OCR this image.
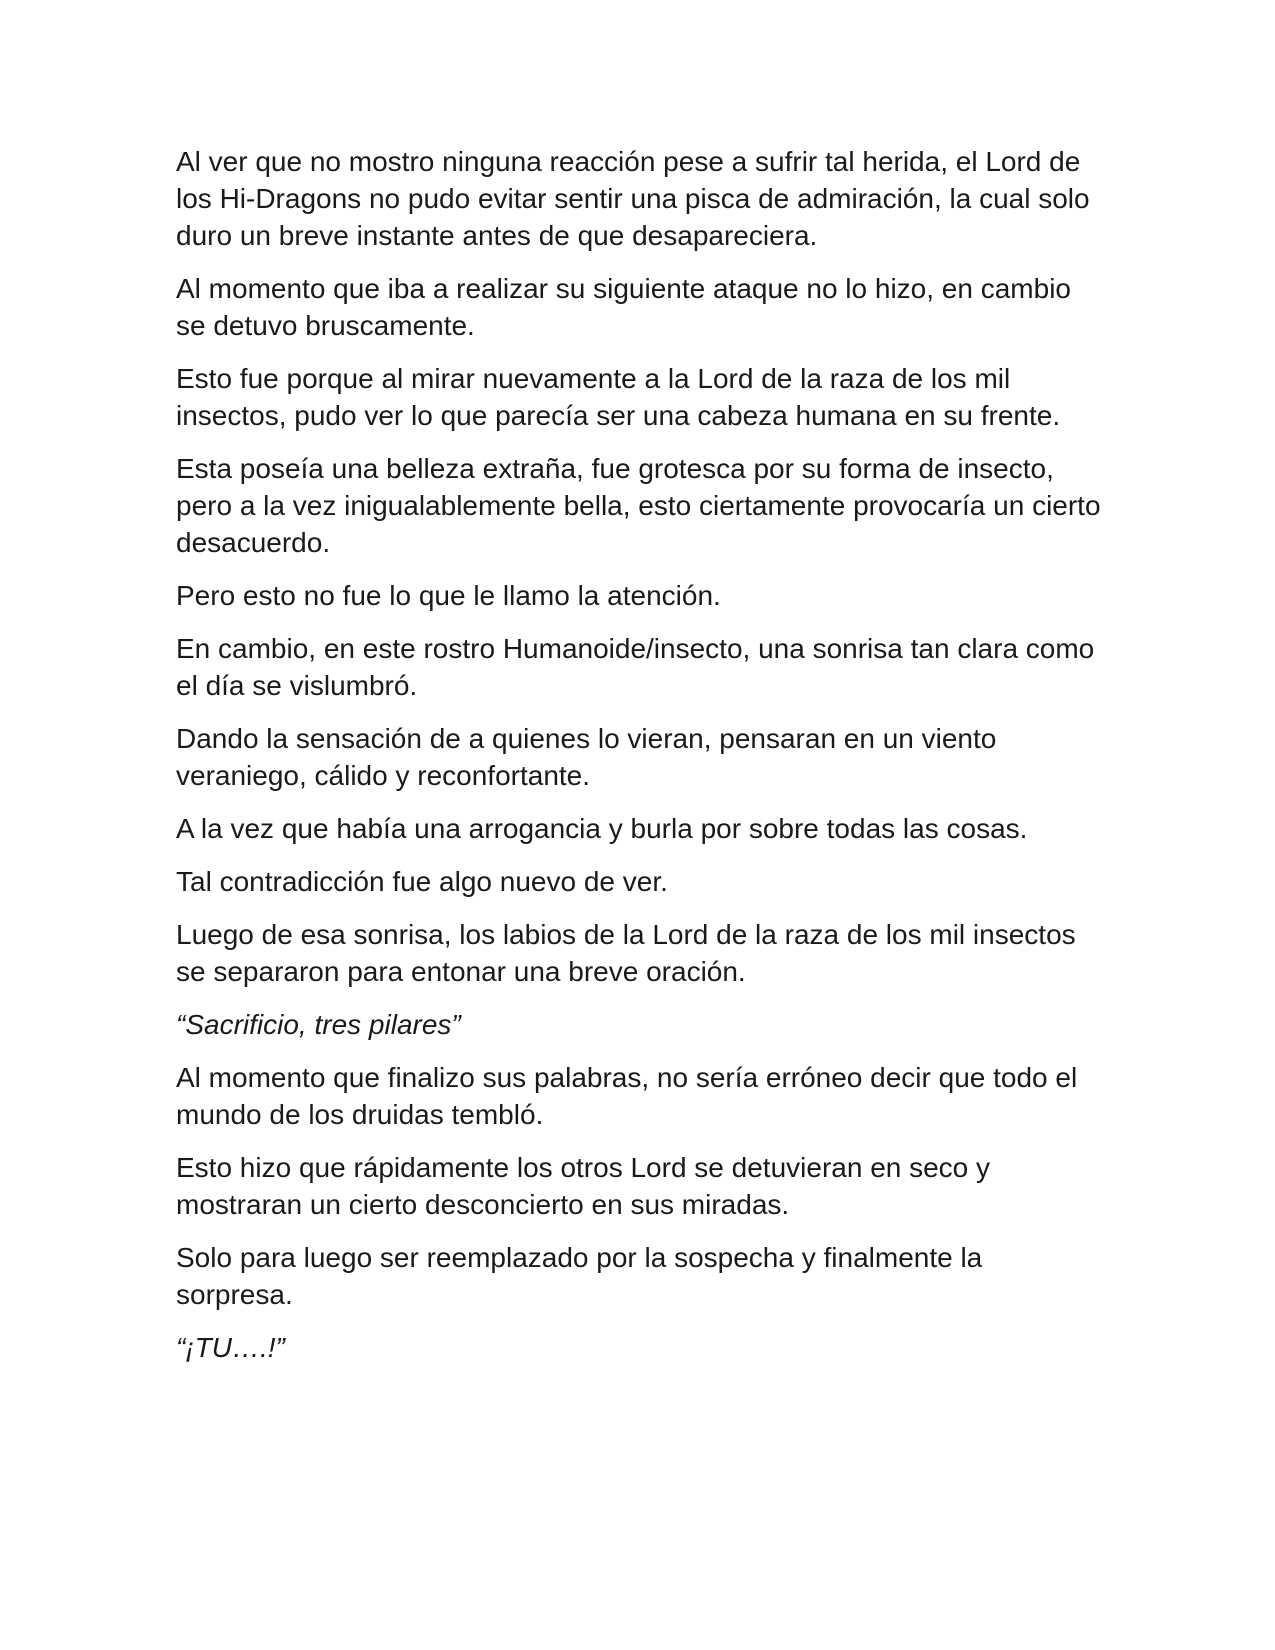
Al ver que no mostro ninguna reacción pese a sufrir tal herida, el Lord de los Hi-Dragons no pudo evitar sentir una pisca de admiración, la cual solo duro un breve instante antes de que desapareciera.

Al momento que iba a realizar su siguiente ataque no lo hizo, en cambio se detuvo bruscamente.

Esto fue porque al mirar nuevamente a la Lord de la raza de los mil insectos, pudo ver lo que parecía ser una cabeza humana en su frente.

Esta poseía una belleza extraña, fue grotesca por su forma de insecto, pero a la vez inigualablemente bella, esto ciertamente provocaría un cierto desacuerdo.

Pero esto no fue lo que le llamo la atención.

En cambio, en este rostro Humanoide/insecto, una sonrisa tan clara como el día se vislumbró.

Dando la sensación de a quienes lo vieran, pensaran en un viento veraniego, cálido y reconfortante.

A la vez que había una arrogancia y burla por sobre todas las cosas.

Tal contradicción fue algo nuevo de ver.

Luego de esa sonrisa, los labios de la Lord de la raza de los mil insectos se separaron para entonar una breve oración.

“Sacrificio, tres pilares”

Al momento que finalizo sus palabras, no sería erróneo decir que todo el mundo de los druidas tembló.

Esto hizo que rápidamente los otros Lord se detuvieran en seco y mostraran un cierto desconcierto en sus miradas.

Solo para luego ser reemplazado por la sospecha y finalmente la sorpresa.

“¡TU….!”
